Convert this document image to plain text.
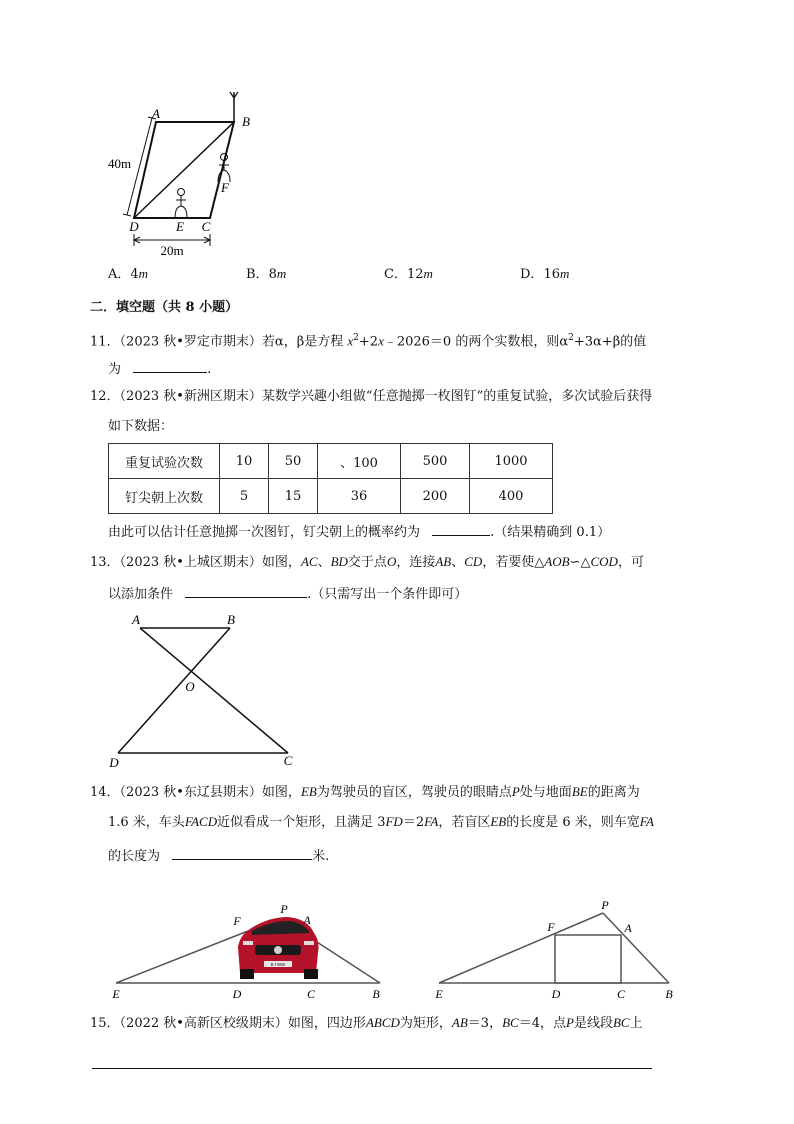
A
B
C
D	E
F
40m
20m
A．4m	B．8m	C．12m	D．16m
二．填空题（共 8 小题）
11．（2023 秋•罗定市期末）若α，β是方程 $x^2+2x﹣2026=0$ 的两个实数根，则$\alpha^2+3\alpha+\beta$的值
为	.
12．（2023 秋•新洲区期末）某数学兴趣小组做“任意抛掷一枚图钉”的重复试验，多次试验后获得
如下数据：
重复试验次数	10	50	、100	500	1000
钉尖朝上次数	5	15	36	200	400
由此可以估计任意抛掷一次图钉，钉尖朝上的概率约为	.（结果精确到 0.1）
13．（2023 秋•上城区期末）如图，AC、BD交于点O，连接AB、CD，若要使△AOB∽△COD，可
以添加条件	.（只需写出一个条件即可）
A	B
O
D	C
14．（2023 秋•东辽县期末）如图，EB为驾驶员的盲区，驾驶员的眼睛点P处与地面BE的距离为
1.6 米，车头FACD近似看成一个矩形，且满足 3FD＝2FA，若盲区EB的长度是 6 米，则车宽FA
的长度为	米.
B·J 8000
F
P
A
E	D	C	B
F
P
A
E	D	C	B
15．（2022 秋•高新区校级期末）如图，四边形ABCD为矩形，AB＝3，BC＝4，点P是线段BC上
